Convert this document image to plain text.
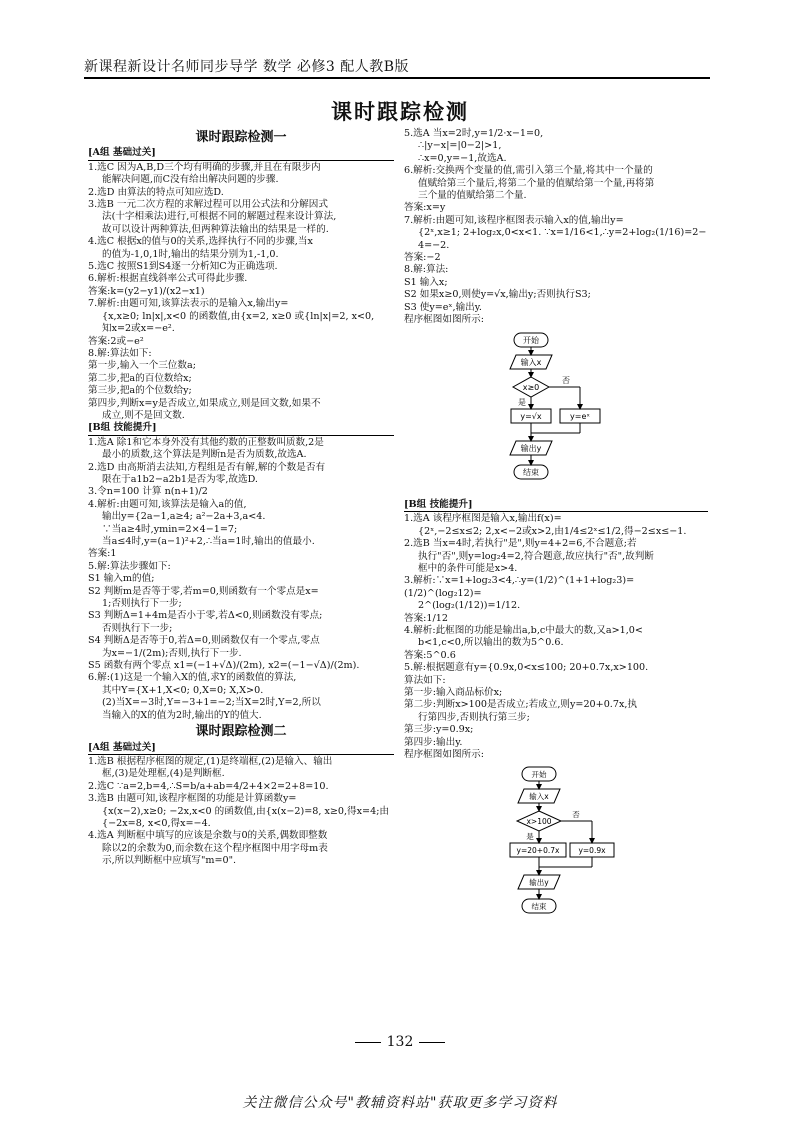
新课程新设计名师同步导学 数学 必修3 配人教B版
课时跟踪检测

课时跟踪检测一

[A组 基础过关]

1.选C 因为A,B,D三个均有明确的步骤,并且在有限步内

能解决问题,而C没有给出解决问题的步骤.

2.选D 由算法的特点可知应选D.

3.选B 一元二次方程的求解过程可以用公式法和分解因式

法(十字相乘法)进行,可根据不同的解题过程来设计算法,

故可以设计两种算法,但两种算法输出的结果是一样的.

4.选C 根据x的值与0的关系,选择执行不同的步骤,当x

的值为-1,0,1时,输出的结果分别为1,-1,0.

5.选C 按照S1到S4逐一分析知C为正确选项.

6.解析:根据直线斜率公式可得此步骤.

答案:k=(y2−y1)/(x2−x1)

7.解析:由题可知,该算法表示的是输入x,输出y=

{x,x≥0; ln|x|,x<0 的函数值,由{x=2, x≥0 或{ln|x|=2, x<0,

知x=2或x=−e².

答案:2或−e²

8.解:算法如下:

第一步,输入一个三位数a;

第二步,把a的百位数给x;

第三步,把a的个位数给y;

第四步,判断x=y是否成立,如果成立,则是回文数,如果不

成立,则不是回文数.

[B组 技能提升]

1.选A 除1和它本身外没有其他约数的正整数叫质数,2是

最小的质数,这个算法是判断n是否为质数,故选A.

2.选D 由高斯消去法知,方程组是否有解,解的个数是否有

限在于a1b2−a2b1是否为零,故选D.

3.令n=100 计算 n(n+1)/2

4.解析:由题可知,该算法是输入a的值,

输出y={2a−1,a≥4; a²−2a+3,a<4.

∵当a≥4时,ymin=2×4−1=7;

当a≤4时,y=(a−1)²+2,∴当a=1时,输出的值最小.

答案:1

5.解:算法步骤如下:

S1 输入m的值;

S2 判断m是否等于零,若m=0,则函数有一个零点是x=

1;否则执行下一步;

S3 判断Δ=1+4m是否小于零,若Δ<0,则函数没有零点;

否则执行下一步;

S4 判断Δ是否等于0,若Δ=0,则函数仅有一个零点,零点

为x=−1/(2m);否则,执行下一步.

S5 函数有两个零点 x1=(−1+√Δ)/(2m), x2=(−1−√Δ)/(2m).

6.解:(1)这是一个输入X的值,求Y的函数值的算法,

其中Y={X+1,X<0; 0,X=0; X,X>0.

(2)当X=−3时,Y=−3+1=−2;当X=2时,Y=2,所以

当输入的X的值为2时,输出的Y的值大.

课时跟踪检测二

[A组 基础过关]

1.选B 根据程序框图的规定,(1)是终端框,(2)是输入、输出

框,(3)是处理框,(4)是判断框.

2.选C ∵a=2,b=4,∴S=b/a+ab=4/2+4×2=2+8=10.

3.选B 由题可知,该程序框图的功能是计算函数y=

{x(x−2),x≥0; −2x,x<0 的函数值,由{x(x−2)=8, x≥0,得x=4;由

{−2x=8, x<0,得x=−4.

4.选A 判断框中填写的应该是余数与0的关系,偶数即整数

除以2的余数为0,而余数在这个程序框图中用字母m表

示,所以判断框中应填写"m=0".

5.选A 当x=2时,y=1/2·x−1=0,

∴|y−x|=|0−2|>1,

∴x=0,y=−1,故选A.

6.解析:交换两个变量的值,需引入第三个量,将其中一个量的

值赋给第三个量后,将第二个量的值赋给第一个量,再将第

三个量的值赋给第二个量.

答案:x=y

7.解析:由题可知,该程序框图表示输入x的值,输出y=

{2ˣ,x≥1; 2+log₂x,0<x<1. ∵x=1/16<1,∴y=2+log₂(1/16)=2−

4=−2.

答案:−2

8.解:算法:

S1 输入x;

S2 如果x≥0,则使y=√x,输出y;否则执行S3;

S3 使y=eˣ,输出y.

程序框图如图所示:

开始
输入x
x≥0
否
是
y=√x	y=eˣ
输出y
结束

[B组 技能提升]

1.选A 该程序框图是输入x,输出f(x)=

{2ˣ,−2≤x≤2; 2,x<−2或x>2,由1/4≤2ˣ≤1/2,得−2≤x≤−1.

2.选B 当x=4时,若执行"是",则y=4+2=6,不合题意;若

执行"否",则y=log₂4=2,符合题意,故应执行"否",故判断

框中的条件可能是x>4.

3.解析:∵x=1+log₂3<4,∴y=(1/2)^(1+1+log₂3)=(1/2)^(log₂12)=

2^(log₂(1/12))=1/12.

答案:1/12

4.解析:此框图的功能是输出a,b,c中最大的数,又a>1,0<

b<1,c<0,所以输出的数为5^0.6.

答案:5^0.6

5.解:根据题意有y={0.9x,0<x≤100; 20+0.7x,x>100.

算法如下:

第一步:输入商品标价x;

第二步:判断x>100是否成立;若成立,则y=20+0.7x,执

行第四步,否则执行第三步;

第三步:y=0.9x;

第四步:输出y.

程序框图如图所示:

开始
输入x
x>100
否
是
y=20+0.7x	y=0.9x
输出y
结束
132
关注微信公众号"教辅资料站"获取更多学习资料
